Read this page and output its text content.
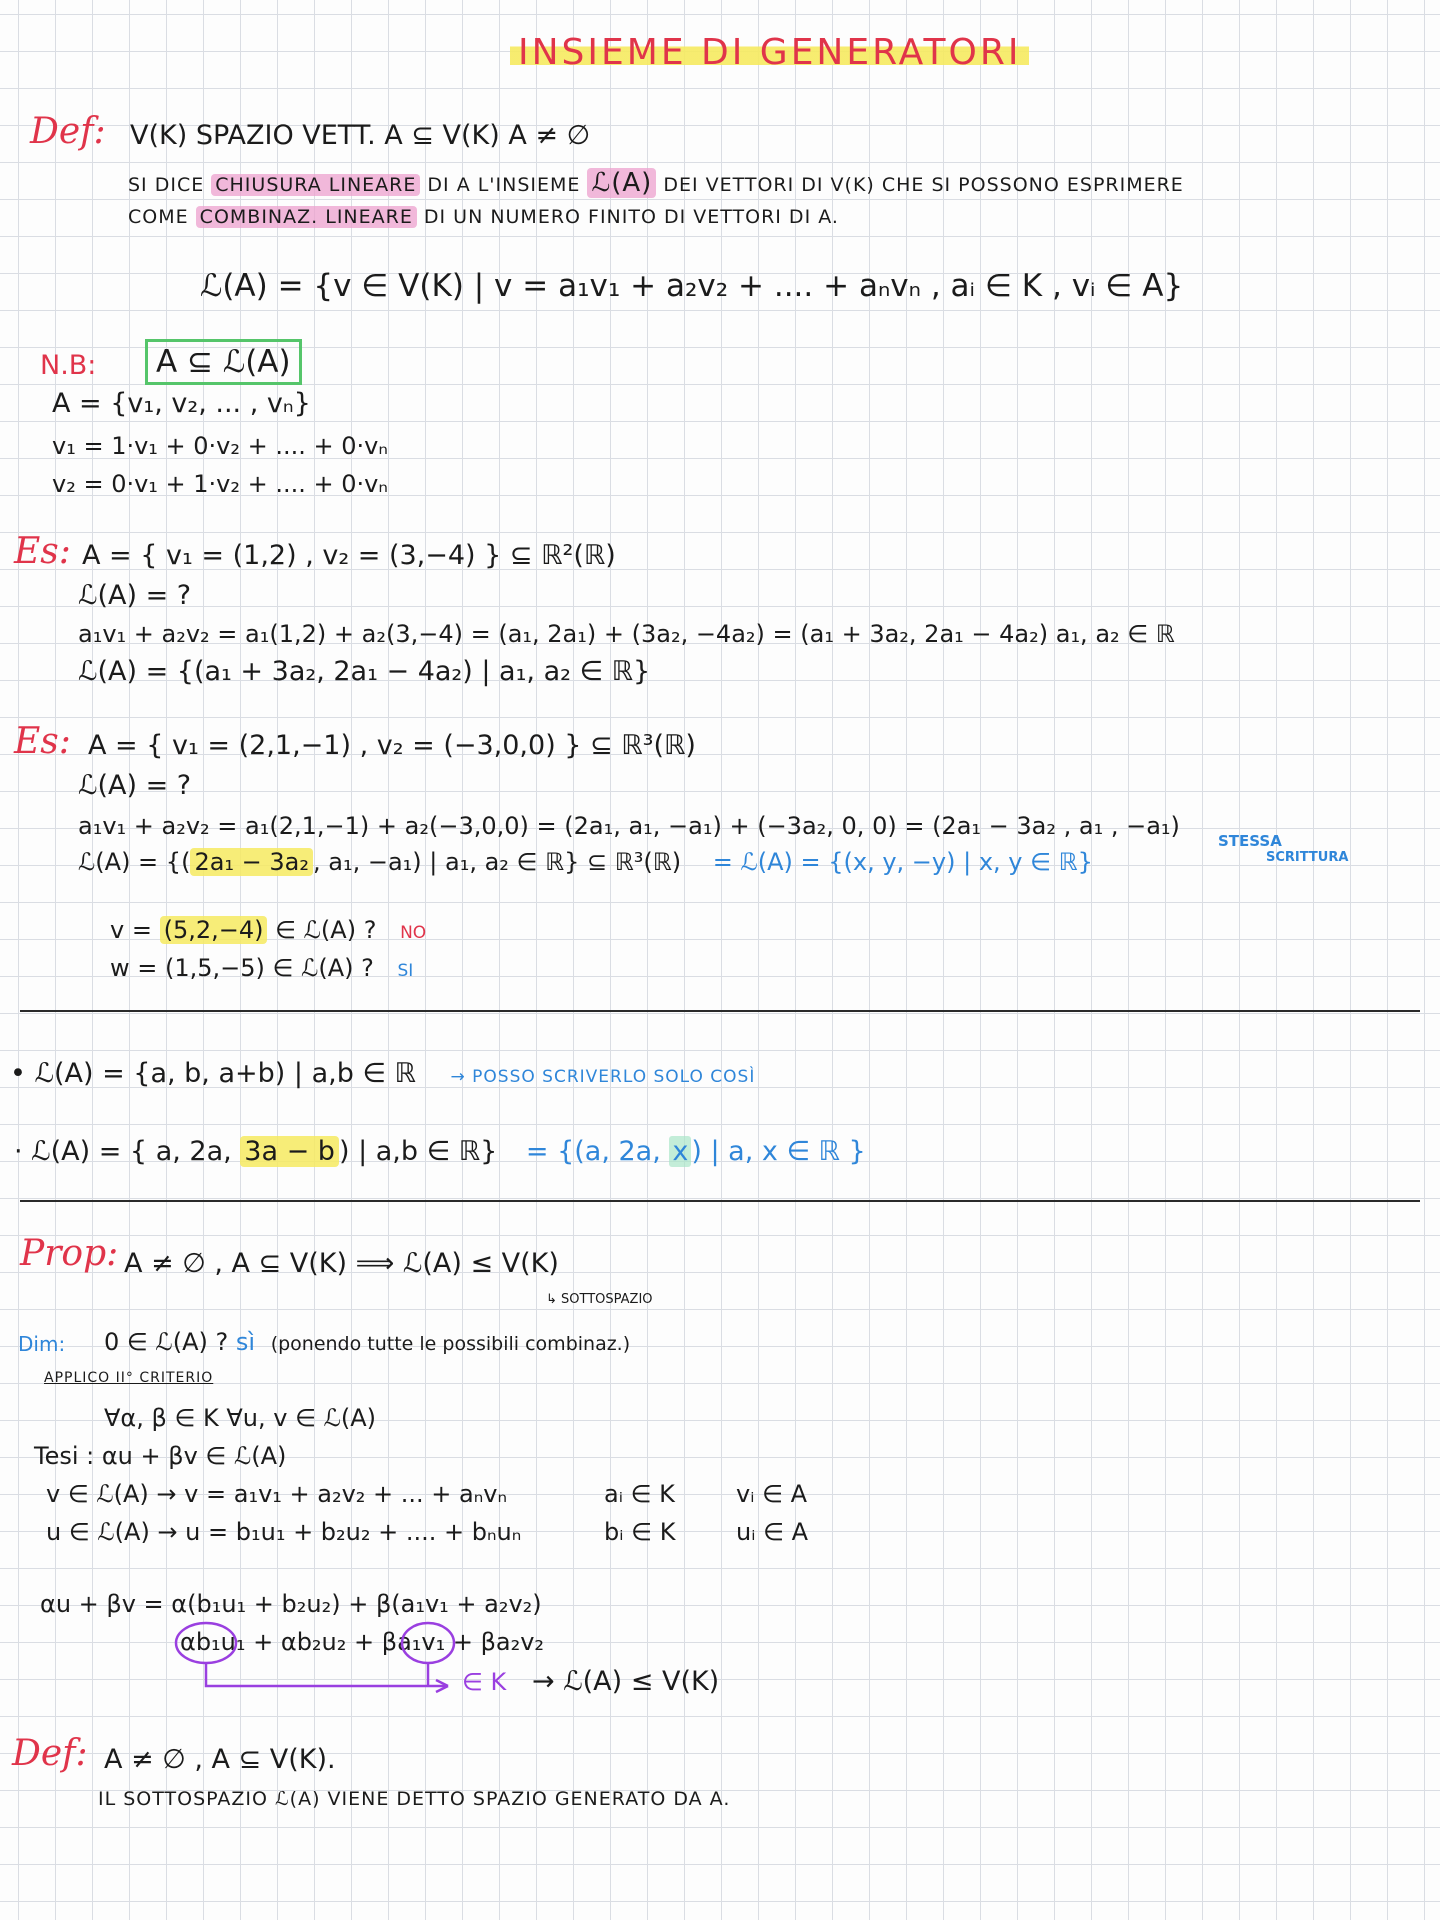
INSIEME DI GENERATORI
Def: V(K) SPAZIO VETT. A ⊆ V(K) A ≠ ∅
SI DICE CHIUSURA LINEARE DI A L'INSIEME ℒ(A) DEI VETTORI DI V(K) CHE SI POSSONO ESPRIMERE
COME COMBINAZ. LINEARE DI UN NUMERO FINITO DI VETTORI DI A.
ℒ(A) = {v ∈ V(K) | v = a₁v₁ + a₂v₂ + .... + aₙvₙ , aᵢ ∈ K , vᵢ ∈ A}
N.B: A ⊆ ℒ(A)
A = {v₁, v₂, ... , vₙ}
v₁ = 1·v₁ + 0·v₂ + .... + 0·vₙ
v₂ = 0·v₁ + 1·v₂ + .... + 0·vₙ
Es: A = { v₁ = (1,2) , v₂ = (3,−4) } ⊆ ℝ²(ℝ)
ℒ(A) = ?
a₁v₁ + a₂v₂ = a₁(1,2) + a₂(3,−4) = (a₁, 2a₁) + (3a₂, −4a₂) = (a₁ + 3a₂, 2a₁ − 4a₂) a₁, a₂ ∈ ℝ
ℒ(A) = {(a₁ + 3a₂, 2a₁ − 4a₂) | a₁, a₂ ∈ ℝ}
Es: A = { v₁ = (2,1,−1) , v₂ = (−3,0,0) } ⊆ ℝ³(ℝ)
ℒ(A) = ?
a₁v₁ + a₂v₂ = a₁(2,1,−1) + a₂(−3,0,0) = (2a₁, a₁, −a₁) + (−3a₂, 0, 0) = (2a₁ − 3a₂ , a₁ , −a₁)
ℒ(A) = {( 2a₁ − 3a₂ , a₁, −a₁) | a₁, a₂ ∈ ℝ} ⊆ ℝ³(ℝ) = ℒ(A) = {(x, y, −y) | x, y ∈ ℝ}
STESSA
SCRITTURA
v = (5,2,−4) ∈ ℒ(A) ? NO
w = (1,5,−5) ∈ ℒ(A) ? SI
• ℒ(A) = {a, b, a+b) | a,b ∈ ℝ → POSSO SCRIVERLO SOLO COSÌ
· ℒ(A) = { a, 2a, 3a − b ) | a,b ∈ ℝ} = {(a, 2a, x ) | a, x ∈ ℝ }
Prop: A ≠ ∅ , A ⊆ V(K) ⟹ ℒ(A) ≤ V(K)
↳ SOTTOSPAZIO
Dim: 0 ∈ ℒ(A) ? sì (ponendo tutte le possibili combinaz.)
APPLICO II° CRITERIO
∀α, β ∈ K ∀u, v ∈ ℒ(A)
Tesi : αu + βv ∈ ℒ(A)
v ∈ ℒ(A) → v = a₁v₁ + a₂v₂ + ... + aₙvₙ	aᵢ ∈ K	vᵢ ∈ A
u ∈ ℒ(A) → u = b₁u₁ + b₂u₂ + .... + bₙuₙ	bᵢ ∈ K	uᵢ ∈ A
αu + βv = α(b₁u₁ + b₂u₂) + β(a₁v₁ + a₂v₂)
αb₁u₁ + αb₂u₂ + βa₁v₁ + βa₂v₂
∈ K → ℒ(A) ≤ V(K)
Def: A ≠ ∅ , A ⊆ V(K).
IL SOTTOSPAZIO ℒ(A) VIENE DETTO SPAZIO GENERATO DA A.
